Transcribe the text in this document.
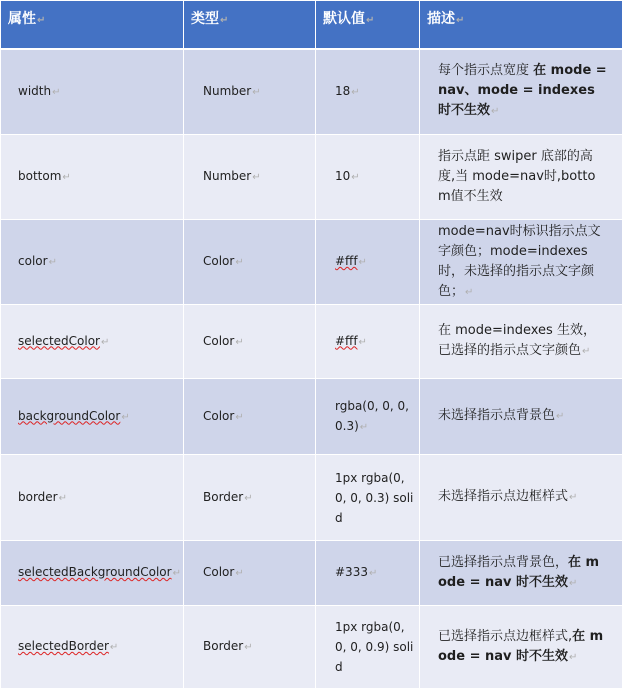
属性↵	类型↵	默认值↵	描述↵
width↵	Number↵	18↵	每个指示点宽度 在 mode = nav、mode = indexes 时不生效↵
bottom↵	Number↵	10↵	指示点距 swiper 底部的高度,当 mode=nav时,bottom值不生效
color↵	Color↵	#fff↵	mode=nav时标识指示点文字颜色；mode=indexes 时，未选择的指示点文字颜色；↵
selectedColor↵	Color↵	#fff↵	在 mode=indexes 生效，已选择的指示点文字颜色↵
backgroundColor↵	Color↵	rgba(0, 0, 0, 0.3)↵	未选择指示点背景色↵
border↵	Border↵	1px rgba(0, 0, 0, 0.3) solid	未选择指示点边框样式↵
selectedBackgroundColor↵	Color↵	#333↵	已选择指示点背景色，在 mode = nav 时不生效↵
selectedBorder↵	Border↵	1px rgba(0, 0, 0, 0.9) solid	已选择指示点边框样式,在 mode = nav 时不生效↵
